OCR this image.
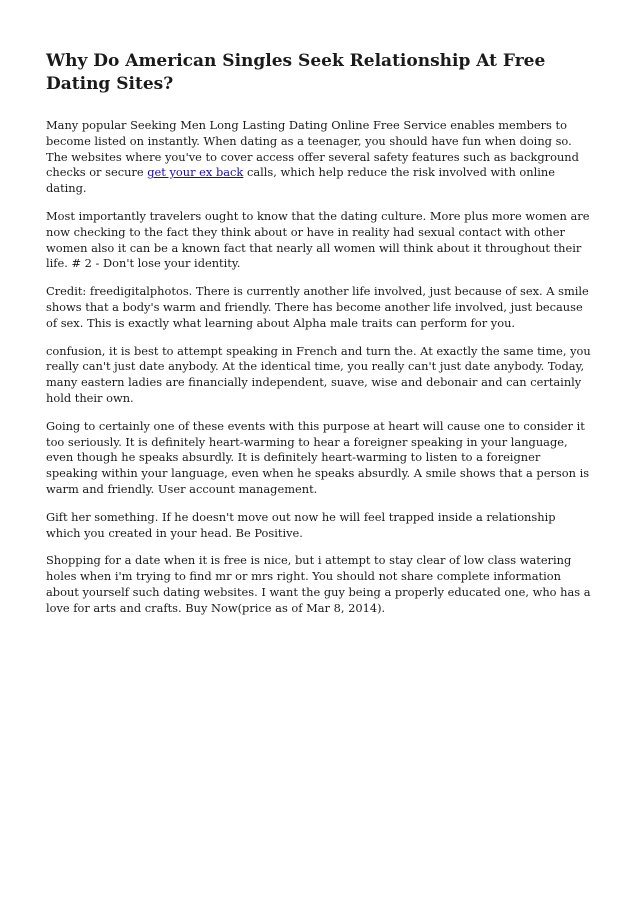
Why Do American Singles Seek Relationship At Free Dating Sites?

Many popular Seeking Men Long Lasting Dating Online Free Service enables members to become listed on instantly. When dating as a teenager, you should have fun when doing so. The websites where you've to cover access offer several safety features such as background checks or secure get your ex back calls, which help reduce the risk involved with online dating.

Most importantly travelers ought to know that the dating culture. More plus more women are now checking to the fact they think about or have in reality had sexual contact with other women also it can be a known fact that nearly all women will think about it throughout their life. # 2 - Don't lose your identity.

Credit: freedigitalphotos. There is currently another life involved, just because of sex. A smile shows that a body's warm and friendly. There has become another life involved, just because of sex. This is exactly what learning about Alpha male traits can perform for you.

confusion, it is best to attempt speaking in French and turn the. At exactly the same time, you really can't just date anybody. At the identical time, you really can't just date anybody. Today, many eastern ladies are financially independent, suave, wise and debonair and can certainly hold their own.

Going to certainly one of these events with this purpose at heart will cause one to consider it too seriously. It is definitely heart-warming to hear a foreigner speaking in your language, even though he speaks absurdly. It is definitely heart-warming to listen to a foreigner speaking within your language, even when he speaks absurdly. A smile shows that a person is warm and friendly. User account management.

Gift her something. If he doesn't move out now he will feel trapped inside a relationship which you created in your head. Be Positive.

Shopping for a date when it is free is nice, but i attempt to stay clear of low class watering holes when i'm trying to find mr or mrs right. You should not share complete information about yourself such dating websites. I want the guy being a properly educated one, who has a love for arts and crafts. Buy Now(price as of Mar 8, 2014).
